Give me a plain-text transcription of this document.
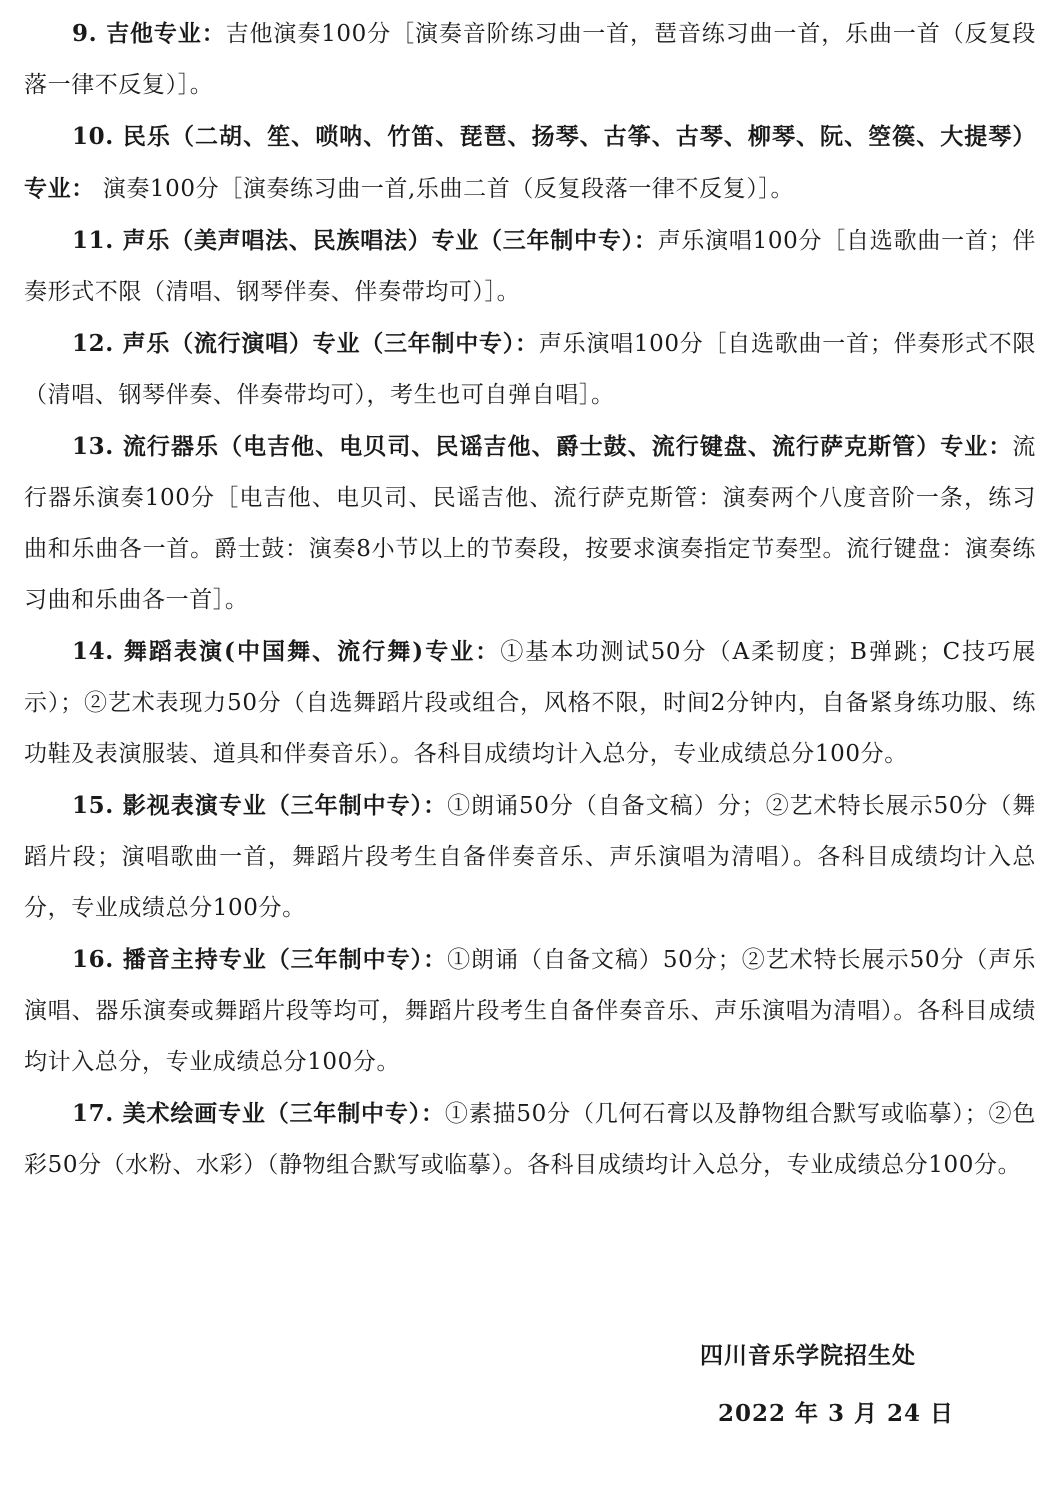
9. 吉他专业：吉他演奏100分［演奏音阶练习曲一首，琶音练习曲一首，乐曲一首（反复段落一律不反复）］。

10. 民乐（二胡、笙、唢呐、竹笛、琵琶、扬琴、古筝、古琴、柳琴、阮、箜篌、大提琴）专业： 演奏100分［演奏练习曲一首,乐曲二首（反复段落一律不反复）］。

11. 声乐（美声唱法、民族唱法）专业（三年制中专）：声乐演唱100分［自选歌曲一首；伴奏形式不限（清唱、钢琴伴奏、伴奏带均可）］。

12. 声乐（流行演唱）专业（三年制中专）：声乐演唱100分［自选歌曲一首；伴奏形式不限（清唱、钢琴伴奏、伴奏带均可），考生也可自弹自唱］。

13. 流行器乐（电吉他、电贝司、民谣吉他、爵士鼓、流行键盘、流行萨克斯管）专业：流行器乐演奏100分［电吉他、电贝司、民谣吉他、流行萨克斯管：演奏两个八度音阶一条，练习曲和乐曲各一首。爵士鼓：演奏8小节以上的节奏段，按要求演奏指定节奏型。流行键盘：演奏练习曲和乐曲各一首］。

14. 舞蹈表演(中国舞、流行舞)专业：①基本功测试50分（A柔韧度；B弹跳；C技巧展示）；②艺术表现力50分（自选舞蹈片段或组合，风格不限，时间2分钟内，自备紧身练功服、练功鞋及表演服装、道具和伴奏音乐）。各科目成绩均计入总分，专业成绩总分100分。

15. 影视表演专业（三年制中专）：①朗诵50分（自备文稿）分；②艺术特长展示50分（舞蹈片段；演唱歌曲一首，舞蹈片段考生自备伴奏音乐、声乐演唱为清唱）。各科目成绩均计入总分，专业成绩总分100分。

16. 播音主持专业（三年制中专）：①朗诵（自备文稿）50分；②艺术特长展示50分（声乐演唱、器乐演奏或舞蹈片段等均可，舞蹈片段考生自备伴奏音乐、声乐演唱为清唱）。各科目成绩均计入总分，专业成绩总分100分。

17. 美术绘画专业（三年制中专）：①素描50分（几何石膏以及静物组合默写或临摹）；②色彩50分（水粉、水彩）（静物组合默写或临摹）。各科目成绩均计入总分，专业成绩总分100分。

四川音乐学院招生处
2022 年 3 月 24 日
